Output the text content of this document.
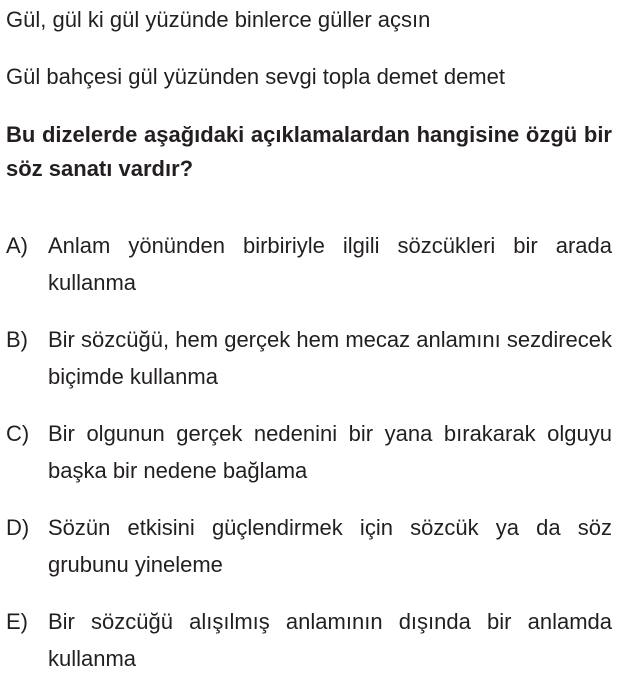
Gül, gül ki gül yüzünde binlerce güller açsın

Gül bahçesi gül yüzünden sevgi topla demet demet

Bu dizelerde aşağıdaki açıklamalardan hangisine özgü bir söz sanatı vardır?

A) Anlam yönünden birbiriyle ilgili sözcükleri bir arada kullanma
B) Bir sözcüğü, hem gerçek hem mecaz anlamını sezdirecek biçimde kullanma
C) Bir olgunun gerçek nedenini bir yana bırakarak olguyu başka bir nedene bağlama
D) Sözün etkisini güçlendirmek için sözcük ya da söz grubunu yineleme
E) Bir sözcüğü alışılmış anlamının dışında bir anlamda kullanma
